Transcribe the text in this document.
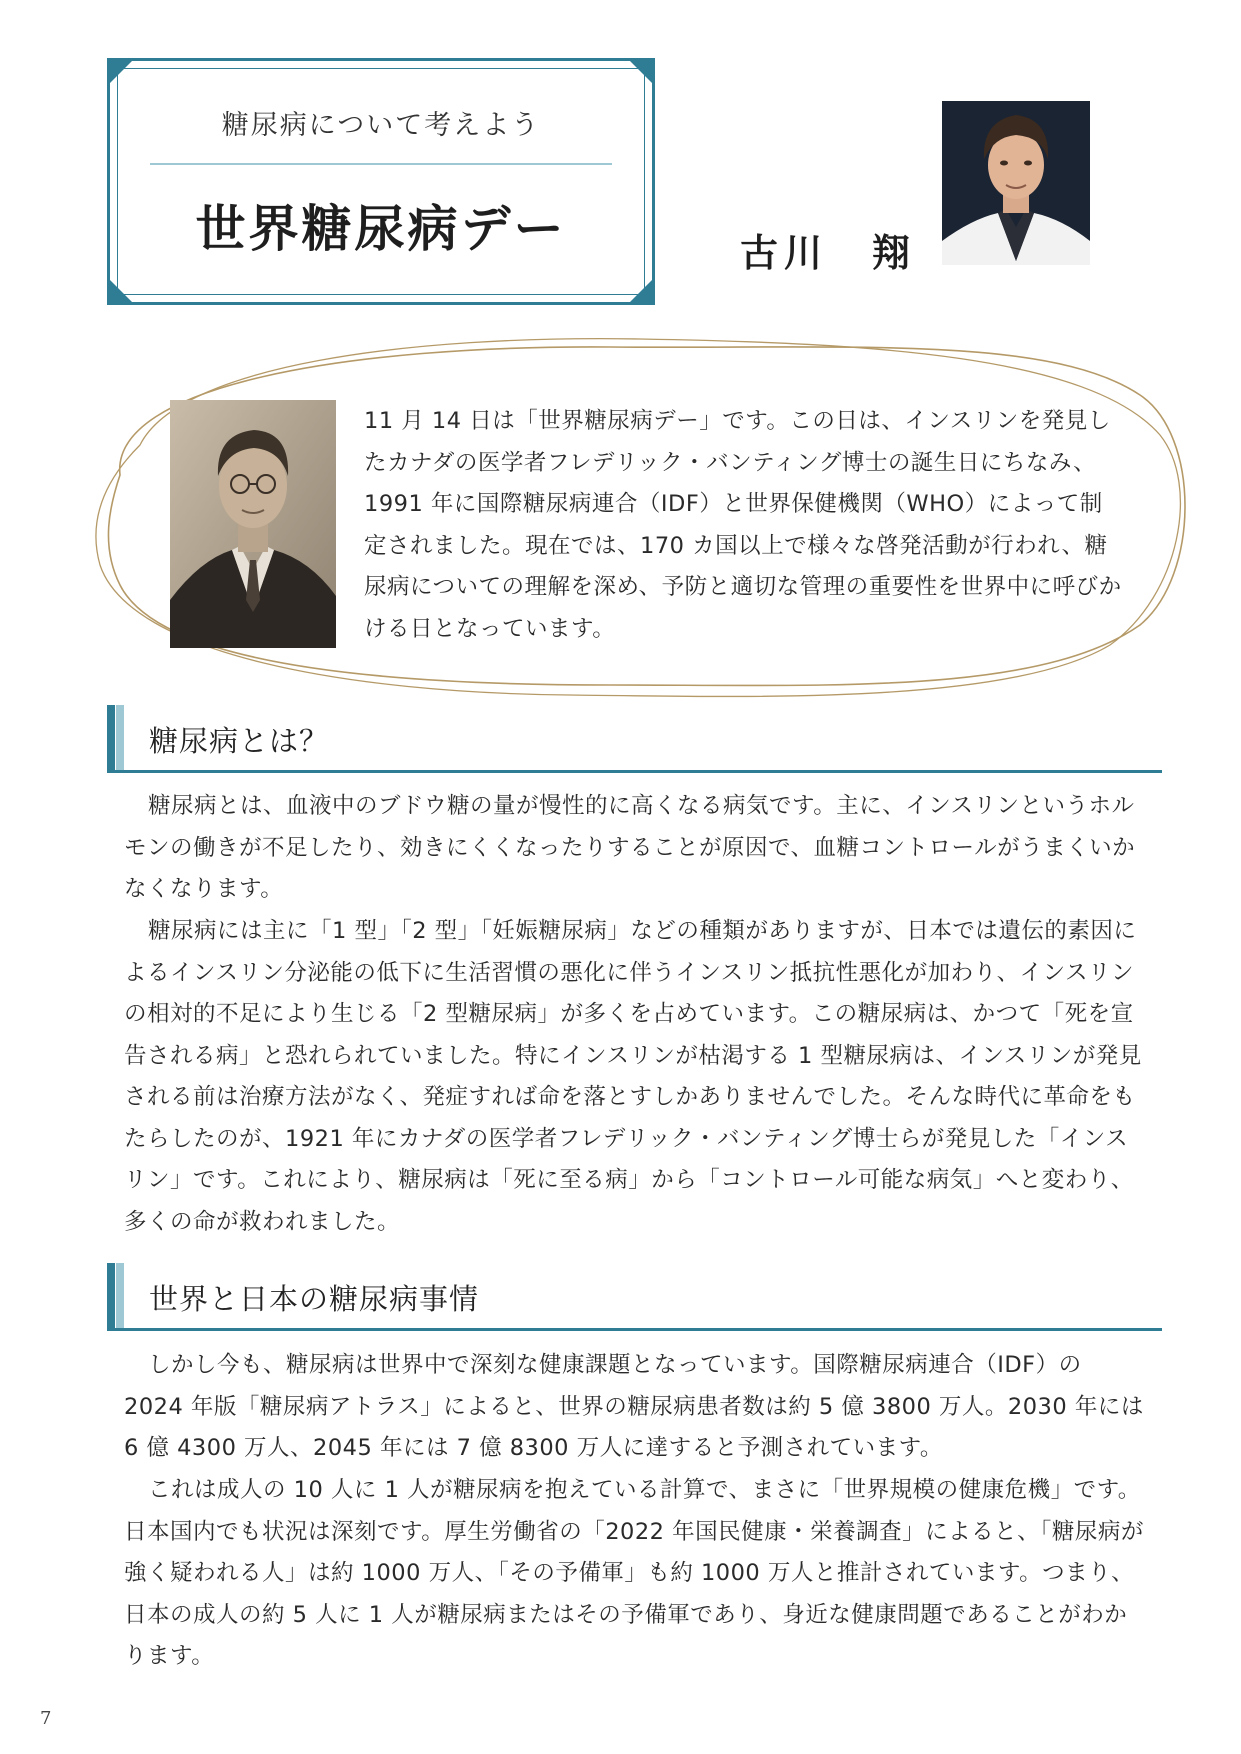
糖尿病について考えよう
世界糖尿病デー	古川　翔

11 月 14 日は「世界糖尿病デー」です。この日は、インスリンを発見したカナダの医学者フレデリック・バンティング博士の誕生日にちなみ、1991 年に国際糖尿病連合（IDF）と世界保健機関（WHO）によって制定されました。現在では、170 カ国以上で様々な啓発活動が行われ、糖尿病についての理解を深め、予防と適切な管理の重要性を世界中に呼びかける日となっています。

糖尿病とは？

糖尿病とは、血液中のブドウ糖の量が慢性的に高くなる病気です。主に、インスリンというホルモンの働きが不足したり、効きにくくなったりすることが原因で、血糖コントロールがうまくいかなくなります。

糖尿病には主に「1 型」「2 型」「妊娠糖尿病」などの種類がありますが、日本では遺伝的素因によるインスリン分泌能の低下に生活習慣の悪化に伴うインスリン抵抗性悪化が加わり、インスリンの相対的不足により生じる「2 型糖尿病」が多くを占めています。この糖尿病は、かつて「死を宣告される病」と恐れられていました。特にインスリンが枯渇する 1 型糖尿病は、インスリンが発見される前は治療方法がなく、発症すれば命を落とすしかありませんでした。そんな時代に革命をもたらしたのが、1921 年にカナダの医学者フレデリック・バンティング博士らが発見した「インスリン」です。これにより、糖尿病は「死に至る病」から「コントロール可能な病気」へと変わり、多くの命が救われました。

世界と日本の糖尿病事情

しかし今も、糖尿病は世界中で深刻な健康課題となっています。国際糖尿病連合（IDF）の 2024 年版「糖尿病アトラス」によると、世界の糖尿病患者数は約 5 億 3800 万人。2030 年には 6 億 4300 万人、2045 年には 7 億 8300 万人に達すると予測されています。

これは成人の 10 人に 1 人が糖尿病を抱えている計算で、まさに「世界規模の健康危機」です。日本国内でも状況は深刻です。厚生労働省の「2022 年国民健康・栄養調査」によると、「糖尿病が強く疑われる人」は約 1000 万人、「その予備軍」も約 1000 万人と推計されています。つまり、日本の成人の約 5 人に 1 人が糖尿病またはその予備軍であり、身近な健康問題であることがわかります。

7
